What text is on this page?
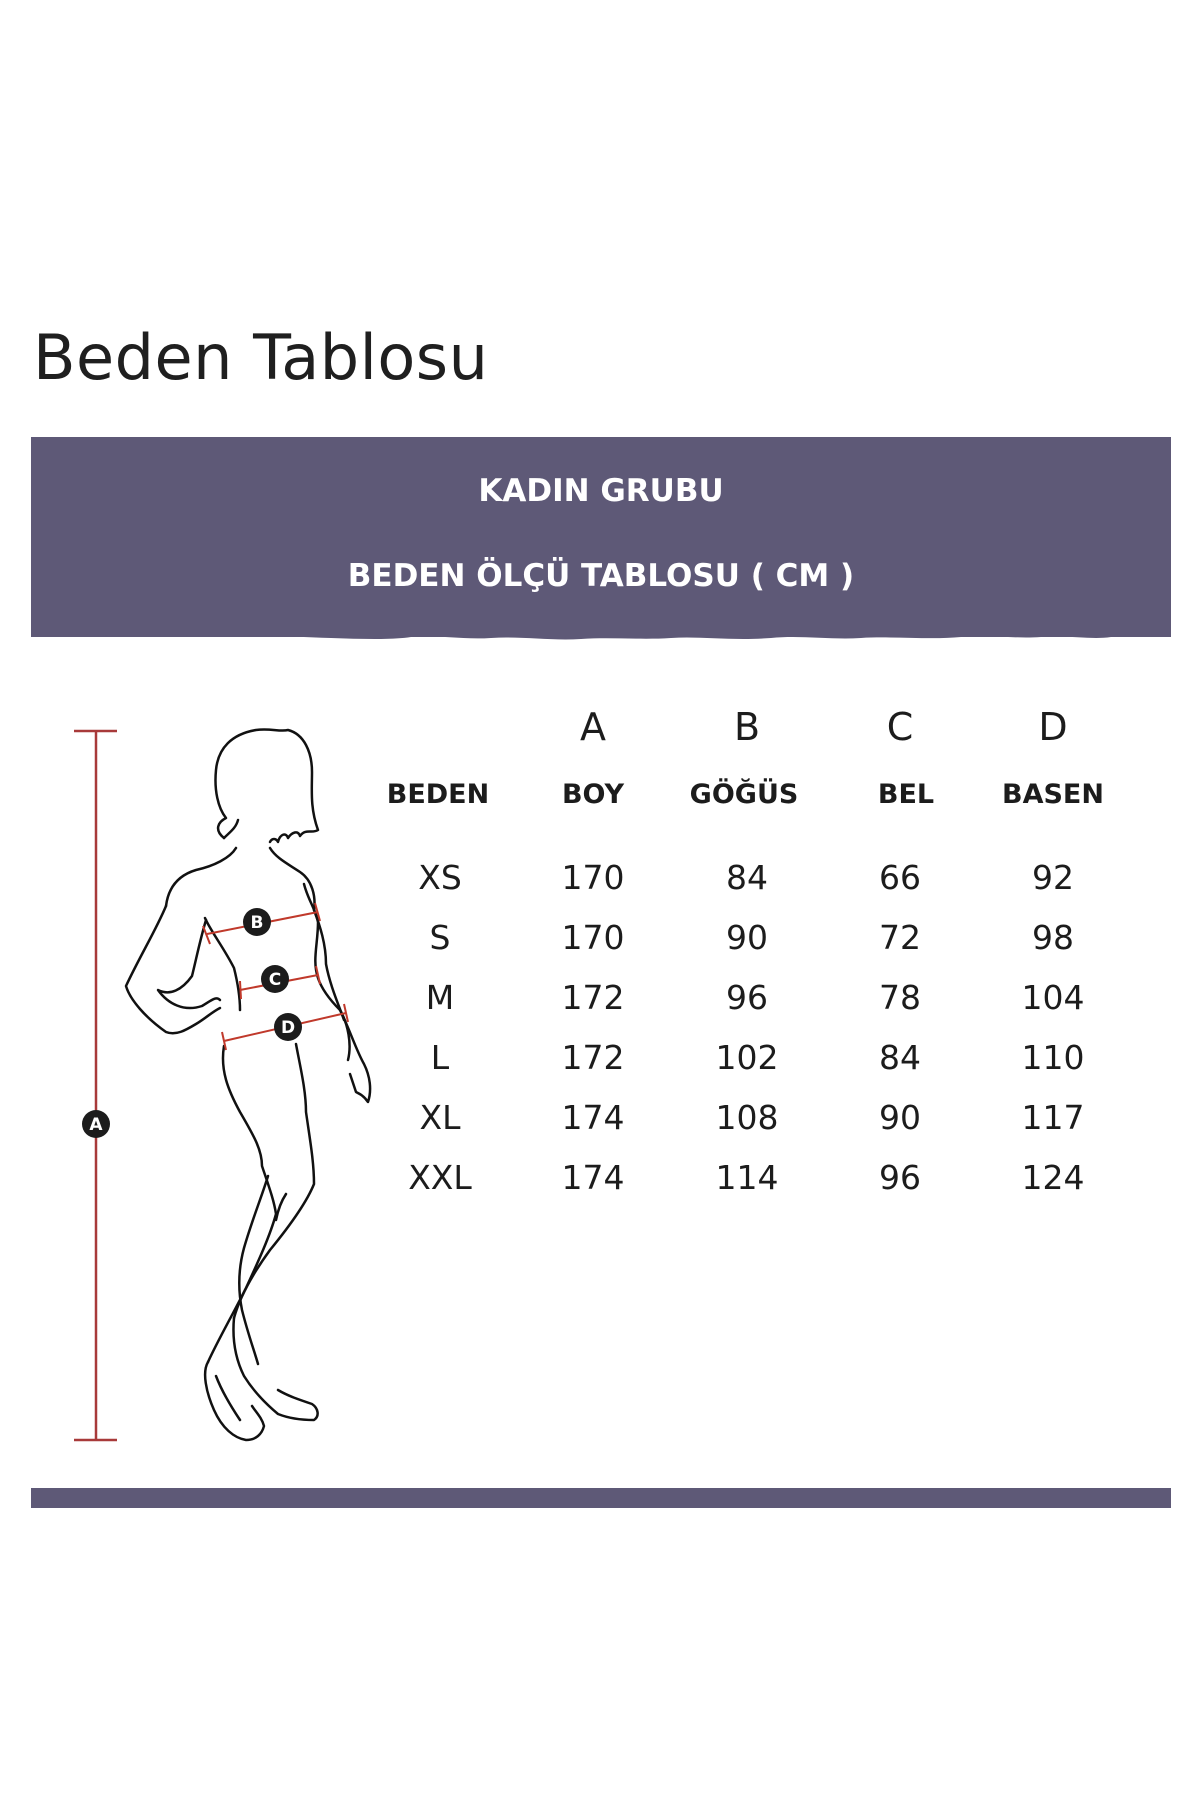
Beden Tablosu
KADIN GRUBU
BEDEN ÖLÇÜ TABLOSU ( CM )
B
C
D
A
A	B	C	D
BEDEN	BOY	GÖĞÜS	BEL	BASEN
XS	170	84	66	92
S	170	90	72	98
M	172	96	78	104
L	172	102	84	110
XL	174	108	90	117
XXL	174	114	96	124
